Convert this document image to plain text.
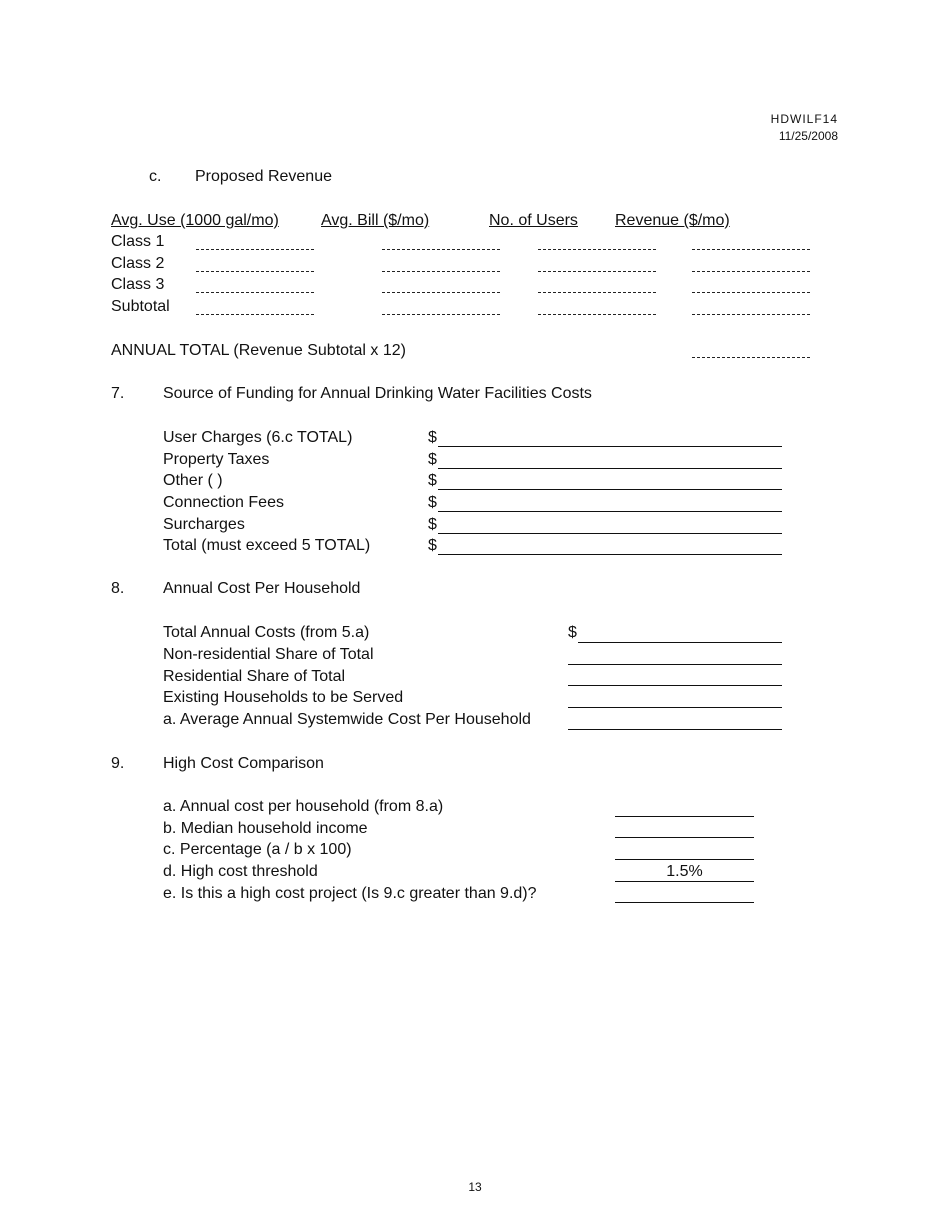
HDWILF14
11/25/2008
c. Proposed Revenue
Avg. Use (1000 gal/mo)	Avg. Bill ($/mo)	No. of Users Revenue ($/mo)
Class 1
Class 2
Class 3
Subtotal
ANNUAL TOTAL (Revenue Subtotal x 12)
7. Source of Funding for Annual Drinking Water Facilities Costs
User Charges (6.c TOTAL)
Property Taxes
Other ( )
Connection Fees
Surcharges
Total (must exceed 5 TOTAL)
$
$
$
$
$
$
8. Annual Cost Per Household
Total Annual Costs (from 5.a)
Non-residential Share of Total
Residential Share of Total
Existing Households to be Served
a. Average Annual Systemwide Cost Per Household
$
9. High Cost Comparison
a. Annual cost per household (from 8.a)
b. Median household income
c. Percentage (a / b x 100)
d. High cost threshold
e. Is this a high cost project (Is 9.c greater than 9.d)?
1.5%
13
